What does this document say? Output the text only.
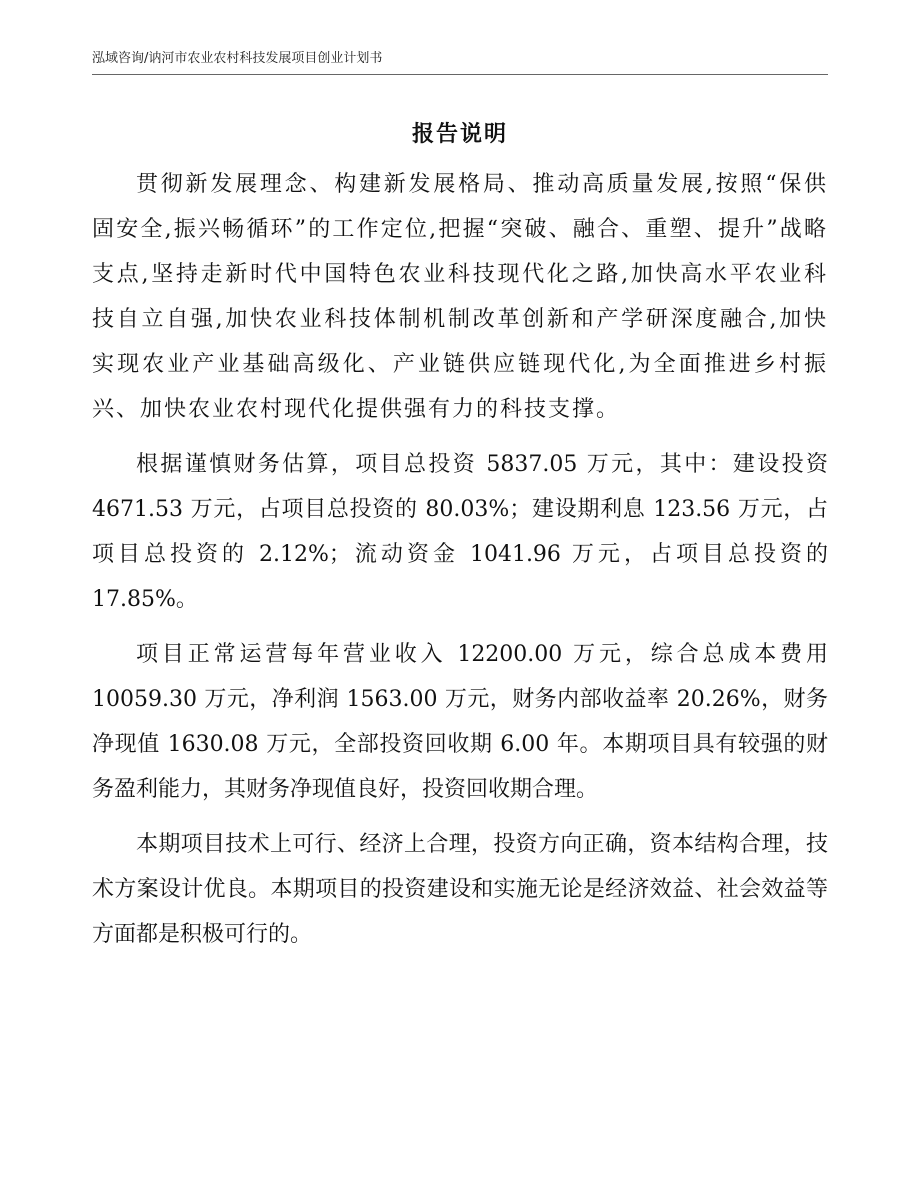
泓域咨询/讷河市农业农村科技发展项目创业计划书
报告说明

贯彻新发展理念、构建新发展格局、推动高质量发展,按照“保供固安全,振兴畅循环”的工作定位,把握“突破、融合、重塑、提升”战略支点,坚持走新时代中国特色农业科技现代化之路,加快高水平农业科技自立自强,加快农业科技体制机制改革创新和产学研深度融合,加快实现农业产业基础高级化、产业链供应链现代化,为全面推进乡村振兴、加快农业农村现代化提供强有力的科技支撑。

根据谨慎财务估算，项目总投资 5837.05 万元，其中：建设投资 4671.53 万元，占项目总投资的 80.03%；建设期利息 123.56 万元，占项目总投资的 2.12%；流动资金 1041.96 万元，占项目总投资的 17.85%。

项目正常运营每年营业收入 12200.00 万元，综合总成本费用 10059.30 万元，净利润 1563.00 万元，财务内部收益率 20.26%，财务净现值 1630.08 万元，全部投资回收期 6.00 年。本期项目具有较强的财务盈利能力，其财务净现值良好，投资回收期合理。

本期项目技术上可行、经济上合理，投资方向正确，资本结构合理，技术方案设计优良。本期项目的投资建设和实施无论是经济效益、社会效益等方面都是积极可行的。
